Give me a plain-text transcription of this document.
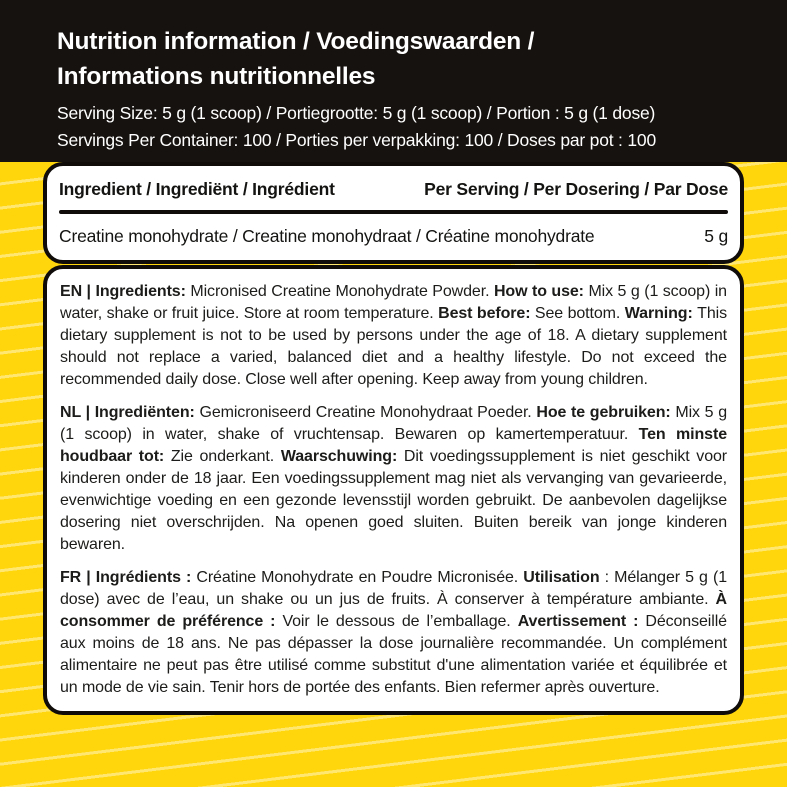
Nutrition information / Voedingswaarden /
Informations nutritionnelles

Serving Size: 5 g (1 scoop) / Portiegrootte: 5 g (1 scoop) / Portion : 5 g (1 dose)

Servings Per Container: 100 / Porties per verpakking: 100 / Doses par pot : 100

Ingredient / Ingrediënt / Ingrédient	Per Serving / Per Dosering / Par Dose
Creatine monohydrate / Creatine monohydraat / Créatine monohydrate	5 g

EN | Ingredients: Micronised Creatine Monohydrate Powder. How to use: Mix 5 g (1 scoop) in water, shake or fruit juice. Store at room temperature. Best before: See bottom. Warning: This dietary supplement is not to be used by persons under the age of 18. A dietary supplement should not replace a varied, balanced diet and a healthy lifestyle. Do not exceed the recommended daily dose. Close well after opening. Keep away from young children.

NL | Ingrediënten: Gemicroniseerd Creatine Monohydraat Poeder. Hoe te gebruiken: Mix 5 g (1 scoop) in water, shake of vruchtensap. Bewaren op kamertemperatuur. Ten minste houdbaar tot: Zie onderkant. Waarschuwing: Dit voedingssupplement is niet geschikt voor kinderen onder de 18 jaar. Een voedingssupplement mag niet als vervanging van gevarieerde, evenwichtige voeding en een gezonde levensstijl worden gebruikt. De aanbevolen dagelijkse dosering niet overschrijden. Na openen goed sluiten. Buiten bereik van jonge kinderen bewaren.

FR | Ingrédients : Créatine Monohydrate en Poudre Micronisée. Utilisation : Mélanger 5 g (1 dose) avec de l’eau, un shake ou un jus de fruits. À conserver à température ambiante. À consommer de préférence : Voir le dessous de l’emballage. Avertissement : Déconseillé aux moins de 18 ans. Ne pas dépasser la dose journalière recommandée. Un complément alimentaire ne peut pas être utilisé comme substitut d'une alimentation variée et équilibrée et un mode de vie sain. Tenir hors de portée des enfants. Bien refermer après ouverture.
